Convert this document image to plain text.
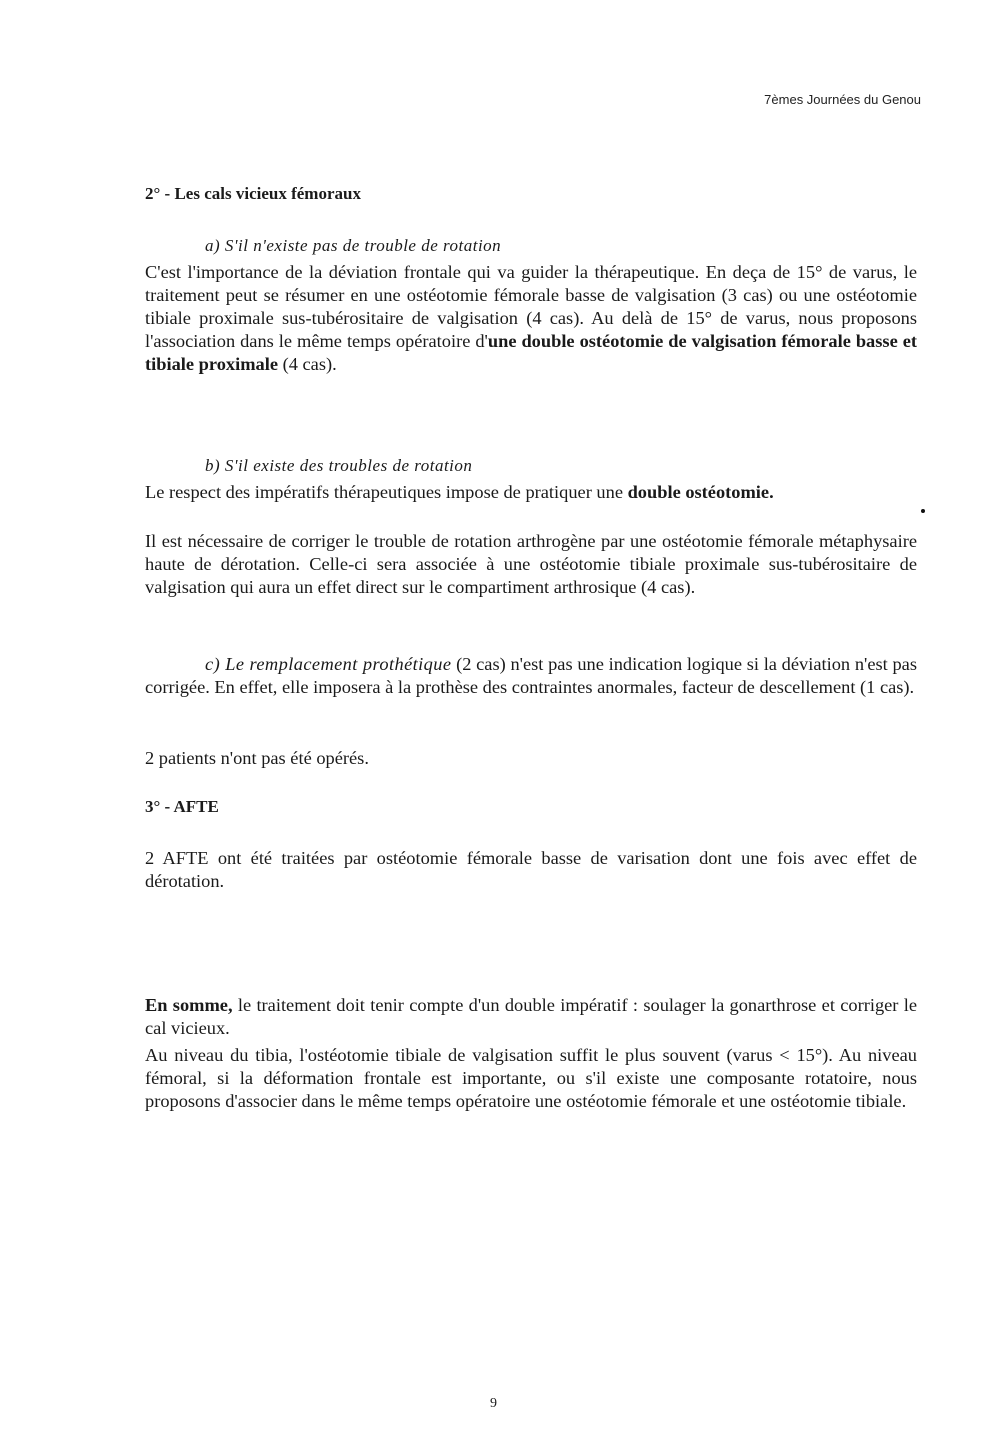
7èmes Journées du Genou
2° - Les cals vicieux fémoraux
a) S'il n'existe pas de trouble de rotation

C'est l'importance de la déviation frontale qui va guider la thérapeutique. En deça de 15° de varus, le traitement peut se résumer en une ostéotomie fémorale basse de valgisation (3 cas) ou une ostéotomie tibiale proximale sus-tubérositaire de valgisation (4 cas). Au delà de 15° de varus, nous proposons l'association dans le même temps opératoire d'une double ostéotomie de valgisation fémorale basse et tibiale proximale (4 cas).

b) S'il existe des troubles de rotation

Le respect des impératifs thérapeutiques impose de pratiquer une double ostéotomie.

Il est nécessaire de corriger le trouble de rotation arthrogène par une ostéotomie fémorale métaphysaire haute de dérotation. Celle-ci sera associée à une ostéotomie tibiale proximale sus-tubérositaire de valgisation qui aura un effet direct sur le compartiment arthrosique (4 cas).

c) Le remplacement prothétique (2 cas) n'est pas une indication logique si la déviation n'est pas corrigée. En effet, elle imposera à la prothèse des contraintes anormales, facteur de descellement (1 cas).

2 patients n'ont pas été opérés.

3° - AFTE

2 AFTE ont été traitées par ostéotomie fémorale basse de varisation dont une fois avec effet de dérotation.

En somme, le traitement doit tenir compte d'un double impératif : soulager la gonarthrose et corriger le cal vicieux.

Au niveau du tibia, l'ostéotomie tibiale de valgisation suffit le plus souvent (varus < 15°). Au niveau fémoral, si la déformation frontale est importante, ou s'il existe une composante rotatoire, nous proposons d'associer dans le même temps opératoire une ostéotomie fémorale et une ostéotomie tibiale.

9
